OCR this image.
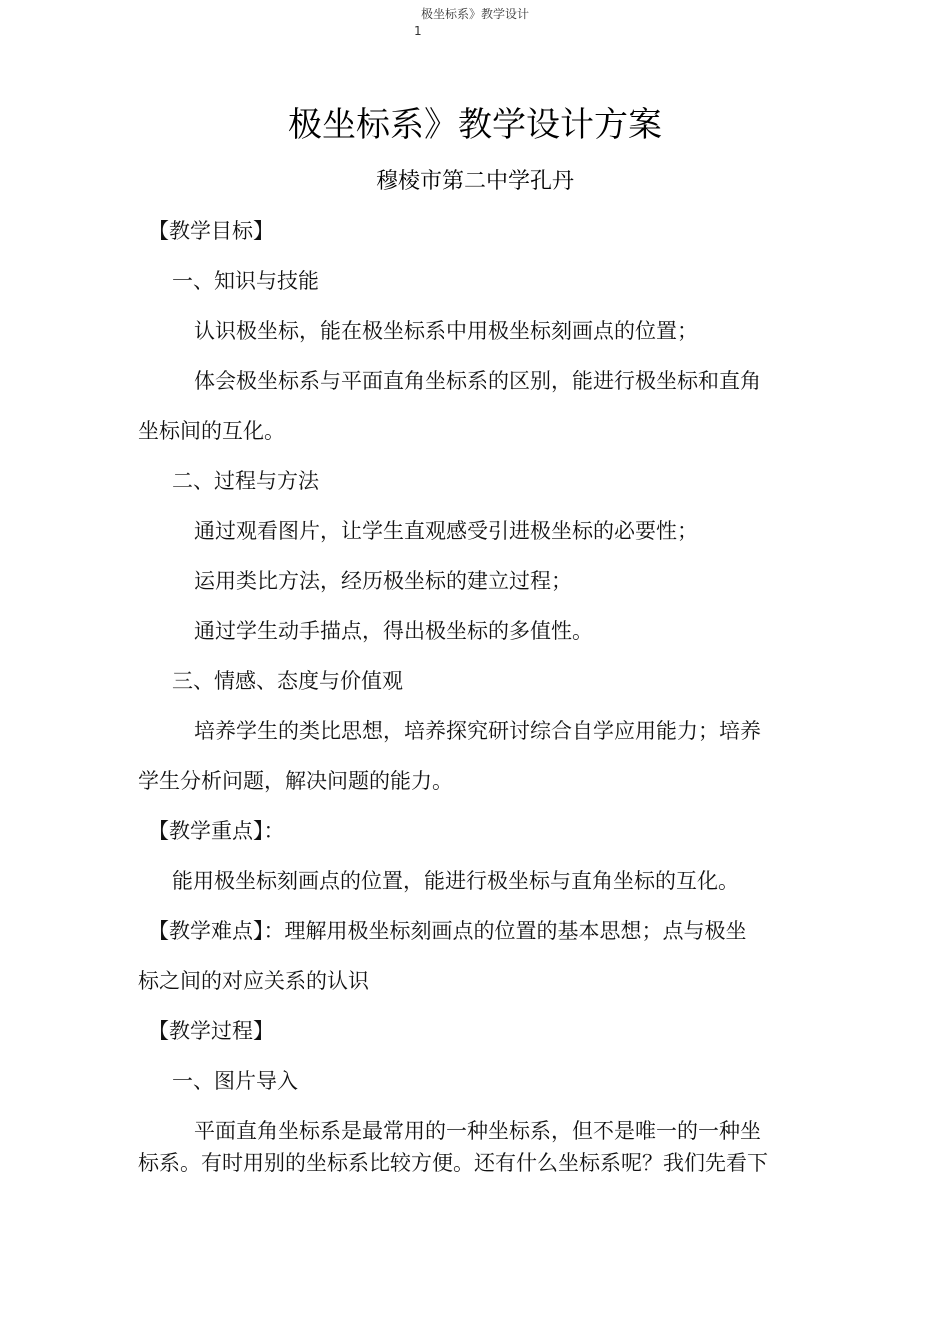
极坐标系》教学设计
1
极坐标系》教学设计方案
穆棱市第二中学孔丹
【教学目标】
一、知识与技能
认识极坐标，能在极坐标系中用极坐标刻画点的位置；
体会极坐标系与平面直角坐标系的区别，能进行极坐标和直角
坐标间的互化。
二、过程与方法
通过观看图片，让学生直观感受引进极坐标的必要性；
运用类比方法，经历极坐标的建立过程；
通过学生动手描点，得出极坐标的多值性。
三、情感、态度与价值观
培养学生的类比思想，培养探究研讨综合自学应用能力；培养
学生分析问题，解决问题的能力。
【教学重点】：
能用极坐标刻画点的位置，能进行极坐标与直角坐标的互化。
【教学难点】：理解用极坐标刻画点的位置的基本思想；点与极坐
标之间的对应关系的认识
【教学过程】
一、图片导入
平面直角坐标系是最常用的一种坐标系，但不是唯一的一种坐
标系。有时用别的坐标系比较方便。还有什么坐标系呢？我们先看下
